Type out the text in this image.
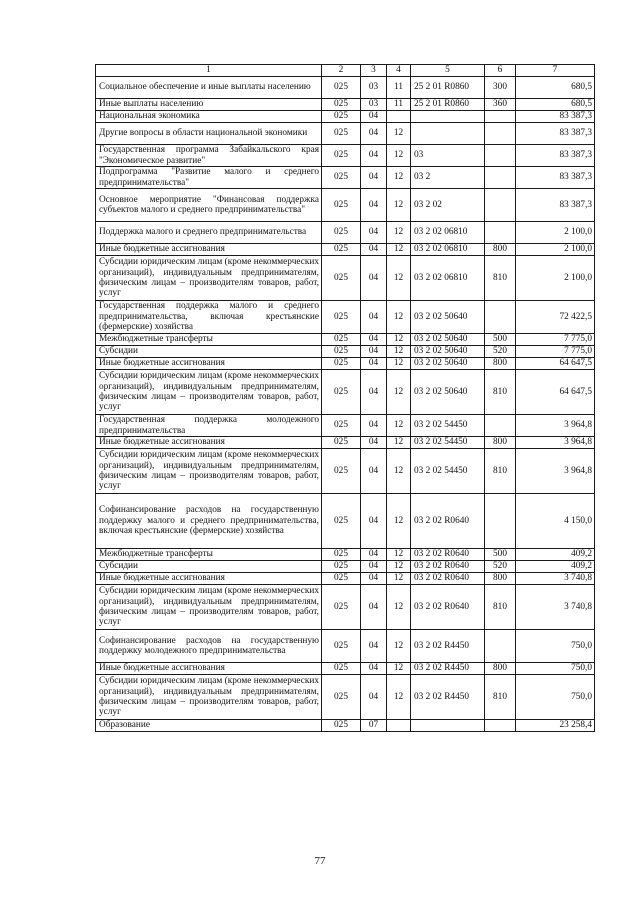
1	2	3	4	5	6	7
Социальное обеспечение и иные выплаты населению	025	03	11	25 2 01 R0860	300	680,5
Иные выплаты населению	025	03	11	25 2 01 R0860	360	680,5
Национальная экономика	025	04				83 387,3
Другие вопросы в области национальной экономики	025	04	12			83 387,3
Государственная программа Забайкальского края "Экономическое развитие"	025	04	12	03		83 387,3
Подпрограмма "Развитие малого и среднего предпринимательства"	025	04	12	03 2		83 387,3
Основное мероприятие "Финансовая поддержка субъектов малого и среднего предпринимательства"	025	04	12	03 2 02		83 387,3
Поддержка малого и среднего предпринимательства	025	04	12	03 2 02 06810		2 100,0
Иные бюджетные ассигнования	025	04	12	03 2 02 06810	800	2 100,0
Субсидии юридическим лицам (кроме некоммерческих организаций), индивидуальным предпринимателям, физическим лицам – производителям товаров, работ, услуг	025	04	12	03 2 02 06810	810	2 100,0
Государственная поддержка малого и среднего предпринимательства, включая крестьянские (фермерские) хозяйства	025	04	12	03 2 02 50640		72 422,5
Межбюджетные трансферты	025	04	12	03 2 02 50640	500	7 775,0
Субсидии	025	04	12	03 2 02 50640	520	7 775,0
Иные бюджетные ассигнования	025	04	12	03 2 02 50640	800	64 647,5
Субсидии юридическим лицам (кроме некоммерческих организаций), индивидуальным предпринимателям, физическим лицам – производителям товаров, работ, услуг	025	04	12	03 2 02 50640	810	64 647,5
Государственная поддержка молодежного предпринимательства	025	04	12	03 2 02 54450		3 964,8
Иные бюджетные ассигнования	025	04	12	03 2 02 54450	800	3 964,8
Субсидии юридическим лицам (кроме некоммерческих организаций), индивидуальным предпринимателям, физическим лицам – производителям товаров, работ, услуг	025	04	12	03 2 02 54450	810	3 964,8
Софинансирование расходов на государственную поддержку малого и среднего предпринимательства, включая крестьянские (фермерские) хозяйства	025	04	12	03 2 02 R0640		4 150,0
Межбюджетные трансферты	025	04	12	03 2 02 R0640	500	409,2
Субсидии	025	04	12	03 2 02 R0640	520	409,2
Иные бюджетные ассигнования	025	04	12	03 2 02 R0640	800	3 740,8
Субсидии юридическим лицам (кроме некоммерческих организаций), индивидуальным предпринимателям, физическим лицам – производителям товаров, работ, услуг	025	04	12	03 2 02 R0640	810	3 740,8
Софинансирование расходов на государственную поддержку молодежного предпринимательства	025	04	12	03 2 02 R4450		750,0
Иные бюджетные ассигнования	025	04	12	03 2 02 R4450	800	750,0
Субсидии юридическим лицам (кроме некоммерческих организаций), индивидуальным предпринимателям, физическим лицам – производителям товаров, работ, услуг	025	04	12	03 2 02 R4450	810	750,0
Образование	025	07				23 258,4
77
